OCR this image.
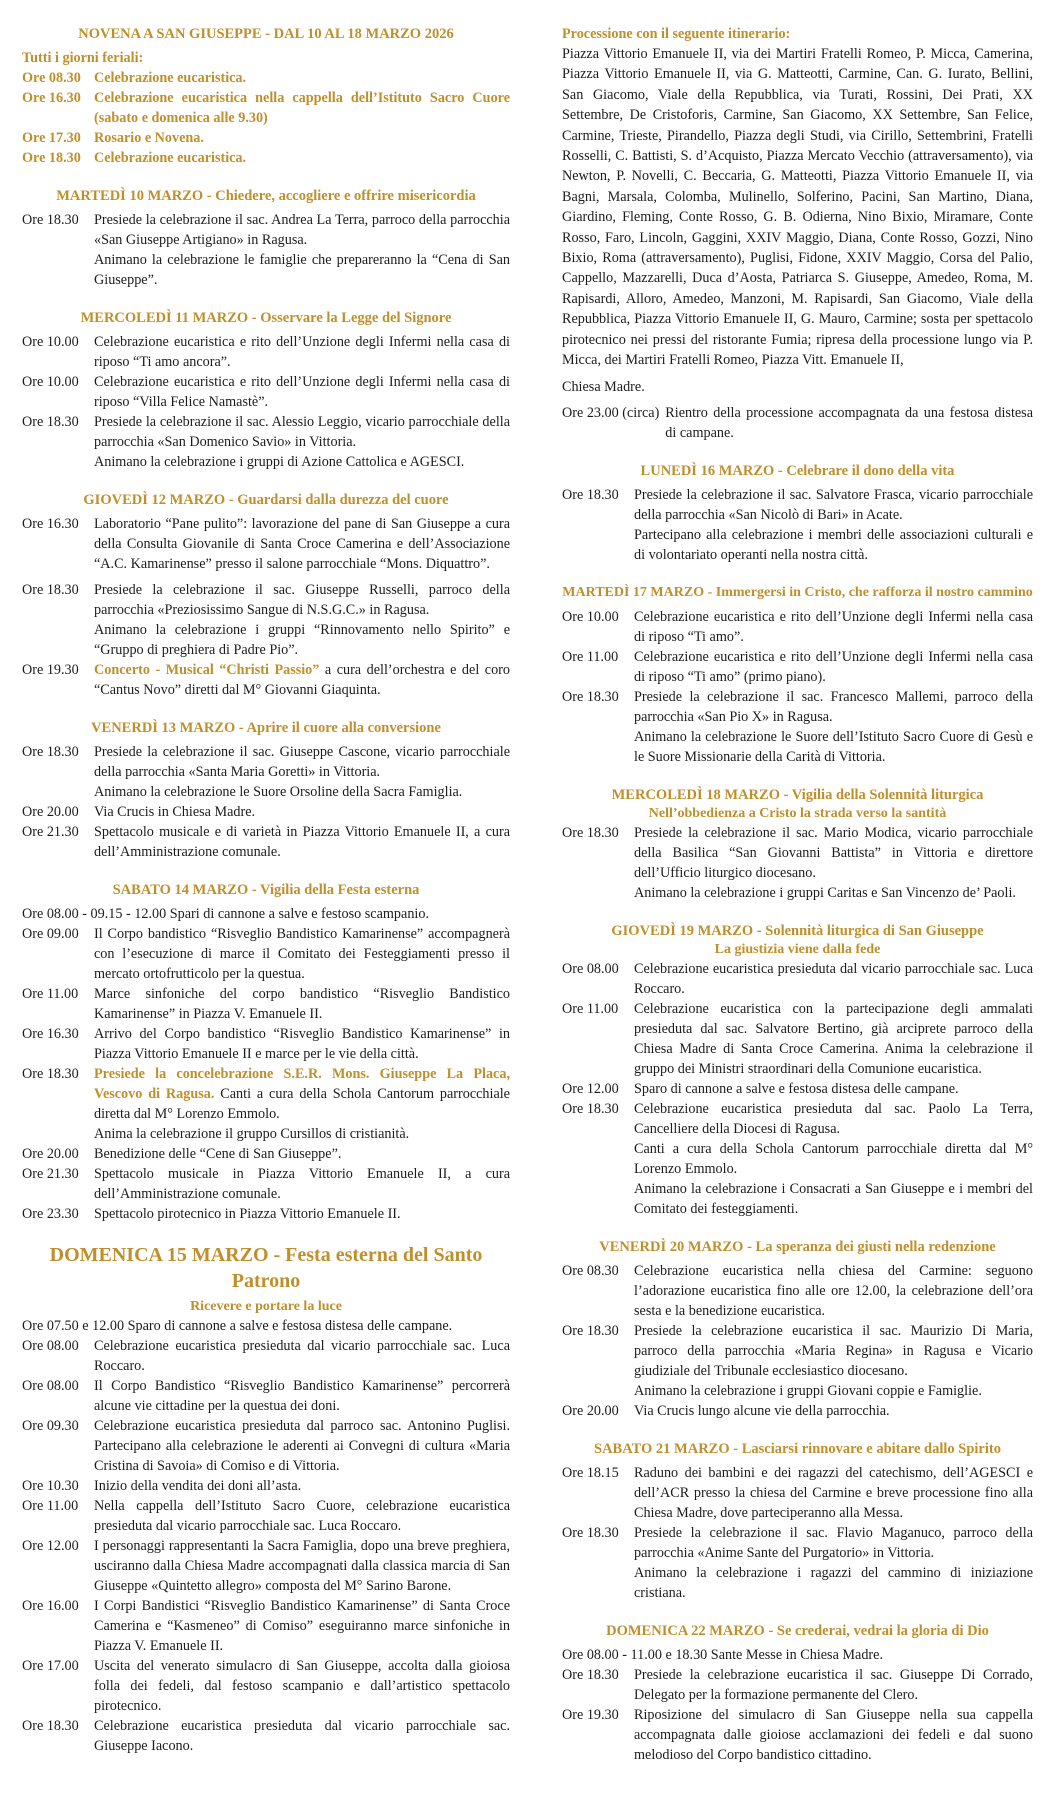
NOVENA A SAN GIUSEPPE - DAL 10 AL 18 MARZO 2026
Tutti i giorni feriali:
Ore 08.30 Celebrazione eucaristica.
Ore 16.30 Celebrazione eucaristica nella cappella dell’Istituto Sacro Cuore (sabato e domenica alle 9.30)
Ore 17.30 Rosario e Novena.
Ore 18.30 Celebrazione eucaristica.
MARTEDÌ 10 MARZO - Chiedere, accogliere e offrire misericordia
Ore 18.30	Presiede la celebrazione il sac. Andrea La Terra, parroco della parrocchia «San Giuseppe Artigiano» in Ragusa.
Animano la celebrazione le famiglie che prepareranno la “Cena di San Giuseppe”.
MERCOLEDÌ 11 MARZO - Osservare la Legge del Signore
Ore 10.00	Celebrazione eucaristica e rito dell’Unzione degli Infermi nella casa di riposo “Ti amo ancora”.
Ore 10.00	Celebrazione eucaristica e rito dell’Unzione degli Infermi nella casa di riposo “Villa Felice Namastè”.
Ore 18.30	Presiede la celebrazione il sac. Alessio Leggio, vicario parrocchiale della parrocchia «San Domenico Savio» in Vittoria.
Animano la celebrazione i gruppi di Azione Cattolica e AGESCI.
GIOVEDÌ 12 MARZO - Guardarsi dalla durezza del cuore
Ore 16.30	Laboratorio “Pane pulito”: lavorazione del pane di San Giuseppe a cura della Consulta Giovanile di Santa Croce Camerina e dell’Associazione “A.C. Kamarinense” presso il salone parrocchiale “Mons. Diquattro”.
Ore 18.30	Presiede la celebrazione il sac. Giuseppe Russelli, parroco della parrocchia «Preziosissimo Sangue di N.S.G.C.» in Ragusa.
Animano la celebrazione i gruppi “Rinnovamento nello Spirito” e “Gruppo di preghiera di Padre Pio”.
Ore 19.30	Concerto - Musical “Christi Passio” a cura dell’orchestra e del coro “Cantus Novo” diretti dal M° Giovanni Giaquinta.
VENERDÌ 13 MARZO - Aprire il cuore alla conversione
Ore 18.30	Presiede la celebrazione il sac. Giuseppe Cascone, vicario parrocchiale della parrocchia «Santa Maria Goretti» in Vittoria.
Animano la celebrazione le Suore Orsoline della Sacra Famiglia.
Ore 20.00	Via Crucis in Chiesa Madre.
Ore 21.30	Spettacolo musicale e di varietà in Piazza Vittorio Emanuele II, a cura dell’Amministrazione comunale.
SABATO 14 MARZO - Vigilia della Festa esterna
Ore 08.00 - 09.15 - 12.00 Spari di cannone a salve e festoso scampanio.
Ore 09.00	Il Corpo bandistico “Risveglio Bandistico Kamarinense” accompagnerà con l’esecuzione di marce il Comitato dei Festeggiamenti presso il mercato ortofrutticolo per la questua.
Ore 11.00	Marce sinfoniche del corpo bandistico “Risveglio Bandistico Kamarinense” in Piazza V. Emanuele II.
Ore 16.30	Arrivo del Corpo bandistico “Risveglio Bandistico Kamarinense” in Piazza Vittorio Emanuele II e marce per le vie della città.
Ore 18.30	Presiede la concelebrazione S.E.R. Mons. Giuseppe La Placa, Vescovo di Ragusa. Canti a cura della Schola Cantorum parrocchiale diretta dal M° Lorenzo Emmolo.
Anima la celebrazione il gruppo Cursillos di cristianità.
Ore 20.00	Benedizione delle “Cene di San Giuseppe”.
Ore 21.30	Spettacolo musicale in Piazza Vittorio Emanuele II, a cura dell’Amministrazione comunale.
Ore 23.30	Spettacolo pirotecnico in Piazza Vittorio Emanuele II.
DOMENICA 15 MARZO - Festa esterna del Santo Patrono
Ricevere e portare la luce
Ore 07.50 e 12.00 Sparo di cannone a salve e festosa distesa delle campane.
Ore 08.00	Celebrazione eucaristica presieduta dal vicario parrocchiale sac. Luca Roccaro.
Ore 08.00	Il Corpo Bandistico “Risveglio Bandistico Kamarinense” percorrerà alcune vie cittadine per la questua dei doni.
Ore 09.30	Celebrazione eucaristica presieduta dal parroco sac. Antonino Puglisi. Partecipano alla celebrazione le aderenti ai Convegni di cultura «Maria Cristina di Savoia» di Comiso e di Vittoria.
Ore 10.30	Inizio della vendita dei doni all’asta.
Ore 11.00	Nella cappella dell’Istituto Sacro Cuore, celebrazione eucaristica presieduta dal vicario parrocchiale sac. Luca Roccaro.
Ore 12.00	I personaggi rappresentanti la Sacra Famiglia, dopo una breve preghiera, usciranno dalla Chiesa Madre accompagnati dalla classica marcia di San Giuseppe «Quintetto allegro» composta del M° Sarino Barone.
Ore 16.00	I Corpi Bandistici “Risveglio Bandistico Kamarinense” di Santa Croce Camerina e “Kasmeneo” di Comiso” eseguiranno marce sinfoniche in Piazza V. Emanuele II.
Ore 17.00	Uscita del venerato simulacro di San Giuseppe, accolta dalla gioiosa folla dei fedeli, dal festoso scampanio e dall’artistico spettacolo pirotecnico.
Ore 18.30	Celebrazione eucaristica presieduta dal vicario parrocchiale sac. Giuseppe Iacono.
Processione con il seguente itinerario:
Piazza Vittorio Emanuele II, via dei Martiri Fratelli Romeo, P. Micca, Camerina, Piazza Vittorio Emanuele II, via G. Matteotti, Carmine, Can. G. Iurato, Bellini, San Giacomo, Viale della Repubblica, via Turati, Rossini, Dei Prati, XX Settembre, De Cristoforis, Carmine, San Giacomo, XX Settembre, San Felice, Carmine, Trieste, Pirandello, Piazza degli Studi, via Cirillo, Settembrini, Fratelli Rosselli, C. Battisti, S. d’Acquisto, Piazza Mercato Vecchio (attraversamento), via Newton, P. Novelli, C. Beccaria, G. Matteotti, Piazza Vittorio Emanuele II, via Bagni, Marsala, Colomba, Mulinello, Solferino, Pacini, San Martino, Diana, Giardino, Fleming, Conte Rosso, G. B. Odierna, Nino Bixio, Miramare, Conte Rosso, Faro, Lincoln, Gaggini, XXIV Maggio, Diana, Conte Rosso, Gozzi, Nino Bixio, Roma (attraversamento), Puglisi, Fidone, XXIV Maggio, Corsa del Palio, Cappello, Mazzarelli, Duca d’Aosta, Patriarca S. Giuseppe, Amedeo, Roma, M. Rapisardi, Alloro, Amedeo, Manzoni, M. Rapisardi, San Giacomo, Viale della Repubblica, Piazza Vittorio Emanuele II, G. Mauro, Carmine; sosta per spettacolo pirotecnico nei pressi del ristorante Fumia; ripresa della processione lungo via P. Micca, dei Martiri Fratelli Romeo, Piazza Vitt. Emanuele II,
Chiesa Madre.
Ore 23.00 (circa) Rientro della processione accompagnata da una festosa distesa di campane.
LUNEDÌ 16 MARZO - Celebrare il dono della vita
Ore 18.30	Presiede la celebrazione il sac. Salvatore Frasca, vicario parrocchiale della parrocchia «San Nicolò di Bari» in Acate.
Partecipano alla celebrazione i membri delle associazioni culturali e di volontariato operanti nella nostra città.
MARTEDÌ 17 MARZO - Immergersi in Cristo, che rafforza il nostro cammino
Ore 10.00	Celebrazione eucaristica e rito dell’Unzione degli Infermi nella casa di riposo “Ti amo”.
Ore 11.00	Celebrazione eucaristica e rito dell’Unzione degli Infermi nella casa di riposo “Ti amo” (primo piano).
Ore 18.30	Presiede la celebrazione il sac. Francesco Mallemi, parroco della parrocchia «San Pio X» in Ragusa.
Animano la celebrazione le Suore dell’Istituto Sacro Cuore di Gesù e le Suore Missionarie della Carità di Vittoria.
MERCOLEDÌ 18 MARZO - Vigilia della Solennità liturgica
Nell’obbedienza a Cristo la strada verso la santità
Ore 18.30	Presiede la celebrazione il sac. Mario Modica, vicario parrocchiale della Basilica “San Giovanni Battista” in Vittoria e direttore dell’Ufficio liturgico diocesano.
Animano la celebrazione i gruppi Caritas e San Vincenzo de’ Paoli.
GIOVEDÌ 19 MARZO - Solennità liturgica di San Giuseppe
La giustizia viene dalla fede
Ore 08.00	Celebrazione eucaristica presieduta dal vicario parrocchiale sac. Luca Roccaro.
Ore 11.00	Celebrazione eucaristica con la partecipazione degli ammalati presieduta dal sac. Salvatore Bertino, già arciprete parroco della Chiesa Madre di Santa Croce Camerina. Anima la celebrazione il gruppo dei Ministri straordinari della Comunione eucaristica.
Ore 12.00	Sparo di cannone a salve e festosa distesa delle campane.
Ore 18.30	Celebrazione eucaristica presieduta dal sac. Paolo La Terra, Cancelliere della Diocesi di Ragusa.
Canti a cura della Schola Cantorum parrocchiale diretta dal M° Lorenzo Emmolo.
Animano la celebrazione i Consacrati a San Giuseppe e i membri del Comitato dei festeggiamenti.
VENERDÌ 20 MARZO - La speranza dei giusti nella redenzione
Ore 08.30	Celebrazione eucaristica nella chiesa del Carmine: seguono l’adorazione eucaristica fino alle ore 12.00, la celebrazione dell’ora sesta e la benedizione eucaristica.
Ore 18.30	Presiede la celebrazione eucaristica il sac. Maurizio Di Maria, parroco della parrocchia «Maria Regina» in Ragusa e Vicario giudiziale del Tribunale ecclesiastico diocesano.
Animano la celebrazione i gruppi Giovani coppie e Famiglie.
Ore 20.00	Via Crucis lungo alcune vie della parrocchia.
SABATO 21 MARZO - Lasciarsi rinnovare e abitare dallo Spirito
Ore 18.15	Raduno dei bambini e dei ragazzi del catechismo, dell’AGESCI e dell’ACR presso la chiesa del Carmine e breve processione fino alla Chiesa Madre, dove parteciperanno alla Messa.
Ore 18.30	Presiede la celebrazione il sac. Flavio Maganuco, parroco della parrocchia «Anime Sante del Purgatorio» in Vittoria.
Animano la celebrazione i ragazzi del cammino di iniziazione cristiana.
DOMENICA 22 MARZO - Se crederai, vedrai la gloria di Dio
Ore 08.00 - 11.00 e 18.30 Sante Messe in Chiesa Madre.
Ore 18.30	Presiede la celebrazione eucaristica il sac. Giuseppe Di Corrado, Delegato per la formazione permanente del Clero.
Ore 19.30	Riposizione del simulacro di San Giuseppe nella sua cappella accompagnata dalle gioiose acclamazioni dei fedeli e dal suono melodioso del Corpo bandistico cittadino.
